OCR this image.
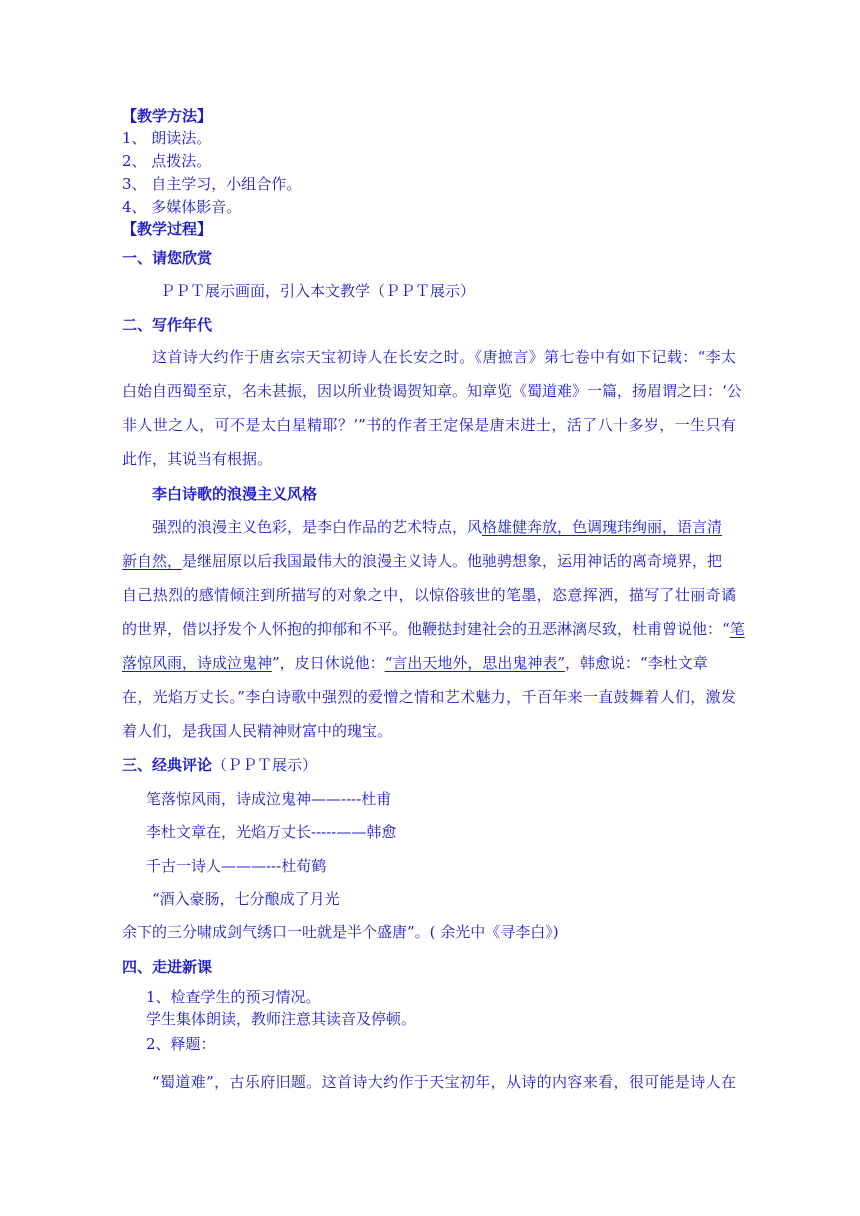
【教学方法】
1、 朗读法。
2、 点拨法。
3、 自主学习，小组合作。
4、 多媒体影音。
【教学过程】
一、请您欣赏
ＰＰＴ展示画面，引入本文教学（ＰＰＴ展示）
二、写作年代
这首诗大约作于唐玄宗天宝初诗人在长安之时。《唐摭言》第七卷中有如下记载：“李太
白始自西蜀至京，名未甚振，因以所业贽谒贺知章。知章览《蜀道难》一篇，扬眉谓之曰：‘公
非人世之人，可不是太白星精耶？’”书的作者王定保是唐末进士，活了八十多岁，一生只有
此作，其说当有根据。
李白诗歌的浪漫主义风格
强烈的浪漫主义色彩，是李白作品的艺术特点，风格雄健奔放，色调瑰玮绚丽，语言清
新自然，是继屈原以后我国最伟大的浪漫主义诗人。他驰骋想象，运用神话的离奇境界，把
自己热烈的感情倾注到所描写的对象之中，以惊俗骇世的笔墨，恣意挥洒，描写了壮丽奇谲
的世界，借以抒发个人怀抱的抑郁和不平。他鞭挞封建社会的丑恶淋漓尽致，杜甫曾说他：“笔
落惊风雨，诗成泣鬼神”，皮日休说他：“言出天地外，思出鬼神表”，韩愈说：“李杜文章
在，光焰万丈长。”李白诗歌中强烈的爱憎之情和艺术魅力，千百年来一直鼓舞着人们，激发
着人们，是我国人民精神财富中的瑰宝。
三、经典评论（ＰＰＴ展示）
笔落惊风雨，诗成泣鬼神——----杜甫
李杜文章在，光焰万丈长-----——韩愈
千古一诗人———---杜荀鹤
“酒入豪肠，七分酿成了月光
余下的三分啸成剑气绣口一吐就是半个盛唐”。( 余光中《寻李白》)
四、走进新课
1、检查学生的预习情况。
学生集体朗读，教师注意其读音及停顿。
2、释题：
“蜀道难”，古乐府旧题。这首诗大约作于天宝初年，从诗的内容来看，很可能是诗人在
